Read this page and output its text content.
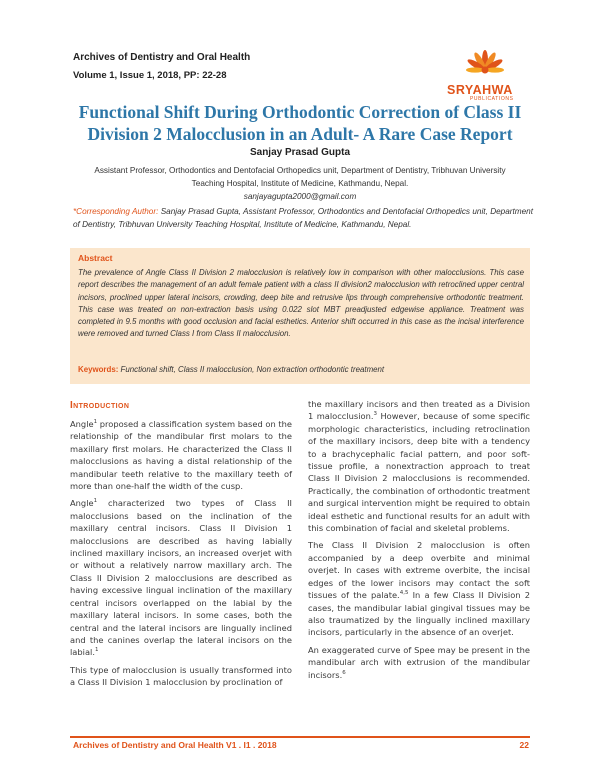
Archives of Dentistry and Oral Health
Volume 1, Issue 1, 2018, PP: 22-28
SRYAHWA
PUBLICATIONS
Functional Shift During Orthodontic Correction of Class II Division 2 Malocclusion in an Adult- A Rare Case Report
Sanjay Prasad Gupta
Assistant Professor, Orthodontics and Dentofacial Orthopedics unit, Department of Dentistry, Tribhuvan University Teaching Hospital, Institute of Medicine, Kathmandu, Nepal.
sanjayagupta2000@gmail.com
*Corresponding Author: Sanjay Prasad Gupta, Assistant Professor, Orthodontics and Dentofacial Orthopedics unit, Department of Dentistry, Tribhuvan University Teaching Hospital, Institute of Medicine, Kathmandu, Nepal.
Abstract
The prevalence of Angle Class II Division 2 malocclusion is relatively low in comparison with other malocclusions. This case report describes the management of an adult female patient with a class II division2 malocclusion with retroclined upper central incisors, proclined upper lateral incisors, crowding, deep bite and retrusive lips through comprehensive orthodontic treatment. This case was treated on non-extraction basis using 0.022 slot MBT preadjusted edgewise appliance. Treatment was completed in 9.5 months with good occlusion and facial esthetics. Anterior shift occurred in this case as the incisal interference were removed and turned Class I from Class II malocclusion.
Keywords: Functional shift, Class II malocclusion, Non extraction orthodontic treatment
Introduction

Angle$^1$ proposed a classification system based on the relationship of the mandibular first molars to the maxillary first molars. He characterized the Class II malocclusions as having a distal relationship of the mandibular teeth relative to the maxillary teeth of more than one-half the width of the cusp.

Angle$^1$ characterized two types of Class II malocclusions based on the inclination of the maxillary central incisors. Class II Division 1 malocclusions are described as having labially inclined maxillary incisors, an increased overjet with or without a relatively narrow maxillary arch. The Class II Division 2 malocclusions are described as having excessive lingual inclination of the maxillary central incisors overlapped on the labial by the maxillary lateral incisors. In some cases, both the central and the lateral incisors are lingually inclined and the canines overlap the lateral incisors on the labial.$^1$

This type of malocclusion is usually transformed into a Class II Division 1 malocclusion by proclination of

the maxillary incisors and then treated as a Division 1 malocclusion.$^3$ However, because of some specific morphologic characteristics, including retroclination of the maxillary incisors, deep bite with a tendency to a brachycephalic facial pattern, and poor soft-tissue profile, a nonextraction approach to treat Class II Division 2 malocclusions is recommended. Practically, the combination of orthodontic treatment and surgical intervention might be required to obtain ideal esthetic and functional results for an adult with this combination of facial and skeletal problems.

The Class II Division 2 malocclusion is often accompanied by a deep overbite and minimal overjet. In cases with extreme overbite, the incisal edges of the lower incisors may contact the soft tissues of the palate.$^{4,5}$ In a few Class II Division 2 cases, the mandibular labial gingival tissues may be also traumatized by the lingually inclined maxillary incisors, particularly in the absence of an overjet.

An exaggerated curve of Spee may be present in the mandibular arch with extrusion of the mandibular incisors.$^6$

Archives of Dentistry and Oral Health V1 . I1 . 2018	22
